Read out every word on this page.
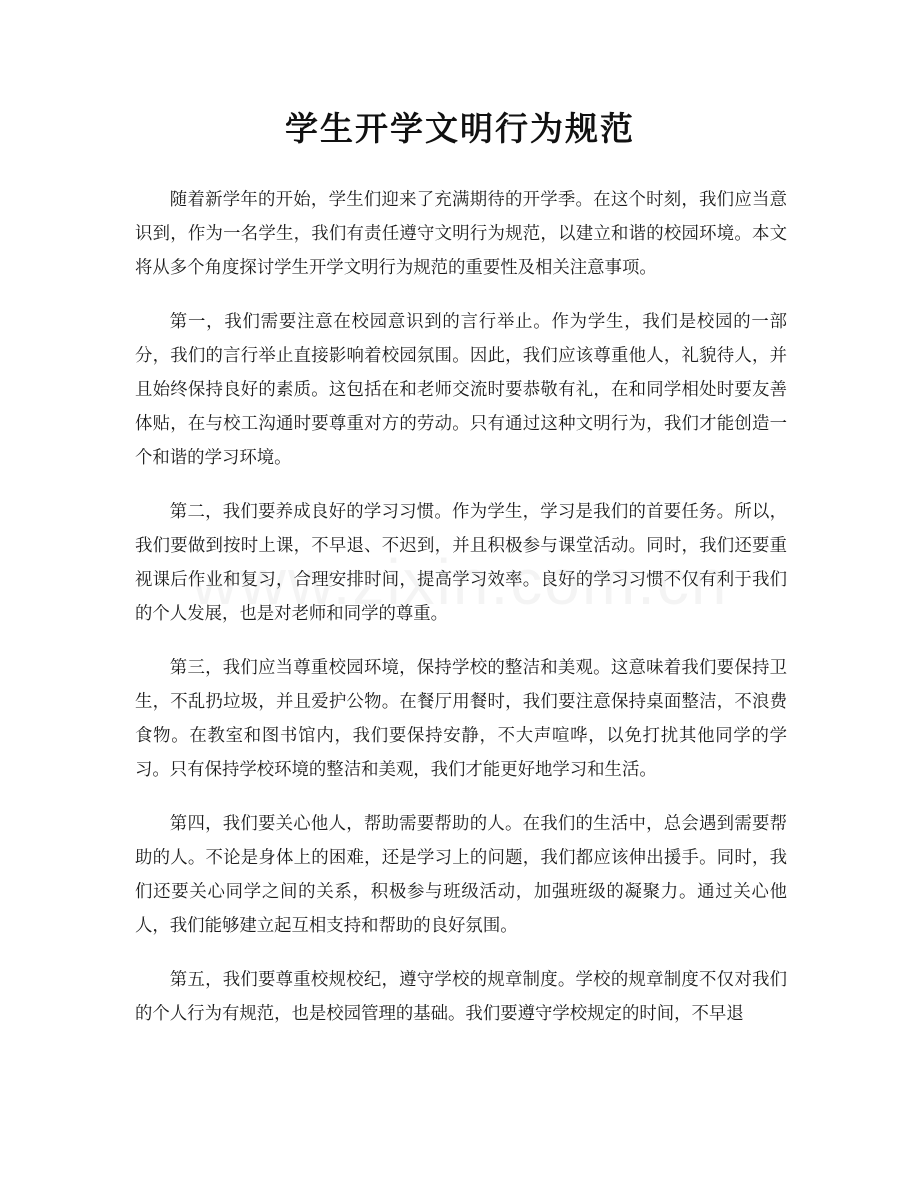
学生开学文明行为规范

随着新学年的开始，学生们迎来了充满期待的开学季。在这个时刻，我们应当意识到，作为一名学生，我们有责任遵守文明行为规范，以建立和谐的校园环境。本文将从多个角度探讨学生开学文明行为规范的重要性及相关注意事项。

第一，我们需要注意在校园意识到的言行举止。作为学生，我们是校园的一部分，我们的言行举止直接影响着校园氛围。因此，我们应该尊重他人，礼貌待人，并且始终保持良好的素质。这包括在和老师交流时要恭敬有礼，在和同学相处时要友善体贴，在与校工沟通时要尊重对方的劳动。只有通过这种文明行为，我们才能创造一个和谐的学习环境。

第二，我们要养成良好的学习习惯。作为学生，学习是我们的首要任务。所以，我们要做到按时上课，不早退、不迟到，并且积极参与课堂活动。同时，我们还要重视课后作业和复习，合理安排时间，提高学习效率。良好的学习习惯不仅有利于我们的个人发展，也是对老师和同学的尊重。

第三，我们应当尊重校园环境，保持学校的整洁和美观。这意味着我们要保持卫生，不乱扔垃圾，并且爱护公物。在餐厅用餐时，我们要注意保持桌面整洁，不浪费食物。在教室和图书馆内，我们要保持安静，不大声喧哗，以免打扰其他同学的学习。只有保持学校环境的整洁和美观，我们才能更好地学习和生活。

第四，我们要关心他人，帮助需要帮助的人。在我们的生活中，总会遇到需要帮助的人。不论是身体上的困难，还是学习上的问题，我们都应该伸出援手。同时，我们还要关心同学之间的关系，积极参与班级活动，加强班级的凝聚力。通过关心他人，我们能够建立起互相支持和帮助的良好氛围。

第五，我们要尊重校规校纪，遵守学校的规章制度。学校的规章制度不仅对我们的个人行为有规范，也是校园管理的基础。我们要遵守学校规定的时间，不早退
